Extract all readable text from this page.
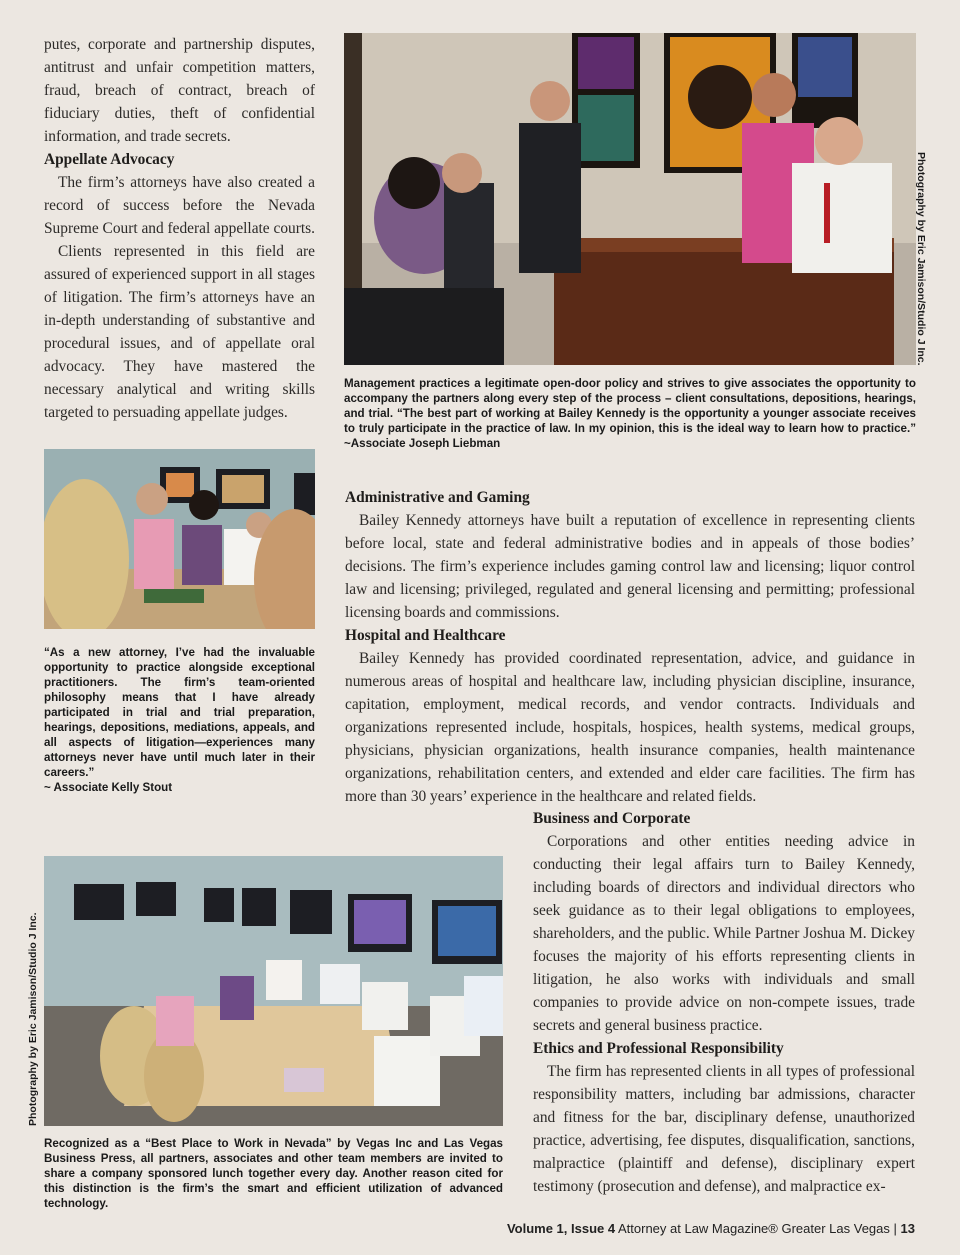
putes, corporate and partnership disputes, antitrust and unfair competition matters, fraud, breach of contract, breach of fiduciary duties, theft of confidential information, and trade secrets.

Appellate Advocacy

The firm’s attorneys have also created a record of success before the Nevada Supreme Court and federal appellate courts.

Clients represented in this field are assured of experienced support in all stages of litigation. The firm’s attorneys have an in-depth understanding of substantive and procedural issues, and of appellate oral advocacy. They have mastered the necessary analytical and writing skills targeted to persuading appellate judges.

Photography by Eric Jamison/Studio J Inc.

Management practices a legitimate open-door policy and strives to give associates the opportunity to accompany the partners along every step of the process – client consultations, depositions, hearings, and trial. “The best part of working at Bailey Kennedy is the opportunity a younger associate receives to truly participate in the practice of law. In my opinion, this is the ideal way to learn how to practice.” ~Associate Joseph Liebman

“As a new attorney, I’ve had the invaluable opportunity to practice alongside exceptional practitioners. The firm’s team-oriented philosophy means that I have already participated in trial and trial preparation, hearings, depositions, mediations, appeals, and all aspects of litigation—experiences many attorneys never have until much later in their careers.”

~ Associate Kelly Stout

Administrative and Gaming

Bailey Kennedy attorneys have built a reputation of excellence in representing clients before local, state and federal administrative bodies and in appeals of those bodies’ decisions. The firm’s experience includes gaming control law and licensing; liquor control law and licensing; privileged, regulated and general licensing and permitting; professional licensing boards and commissions.

Hospital and Healthcare

Bailey Kennedy has provided coordinated representation, advice, and guidance in numerous areas of hospital and healthcare law, including physician discipline, insurance, capitation, employment, medical records, and vendor contracts. Individuals and organizations represented include, hospitals, hospices, health systems, medical groups, physicians, physician organizations, health insurance companies, health maintenance organizations, rehabilitation centers, and extended and elder care facilities. The firm has more than 30 years’ experience in the healthcare and related fields.

Business and Corporate

Corporations and other entities needing advice in conducting their legal affairs turn to Bailey Kennedy, including boards of directors and individual directors who seek guidance as to their legal obligations to employees, shareholders, and the public. While Partner Joshua M. Dickey focuses the majority of his efforts representing clients in litigation, he also works with individuals and small companies to provide advice on non-compete issues, trade secrets and general business practice.

Ethics and Professional Responsibility

The firm has represented clients in all types of professional responsibility matters, including bar admissions, character and fitness for the bar, disciplinary defense, unauthorized practice, advertising, fee disputes, disqualification, sanctions, malpractice (plaintiff and defense), disciplinary expert testimony (prosecution and defense), and malpractice ex-

Photography by Eric Jamison/Studio J Inc.

Recognized as a “Best Place to Work in Nevada” by Vegas Inc and Las Vegas Business Press, all partners, associates and other team members are invited to share a company sponsored lunch together every day. Another reason cited for this distinction is the firm’s the smart and efficient utilization of advanced technology.

Volume 1, Issue 4 Attorney at Law Magazine® Greater Las Vegas | 13
